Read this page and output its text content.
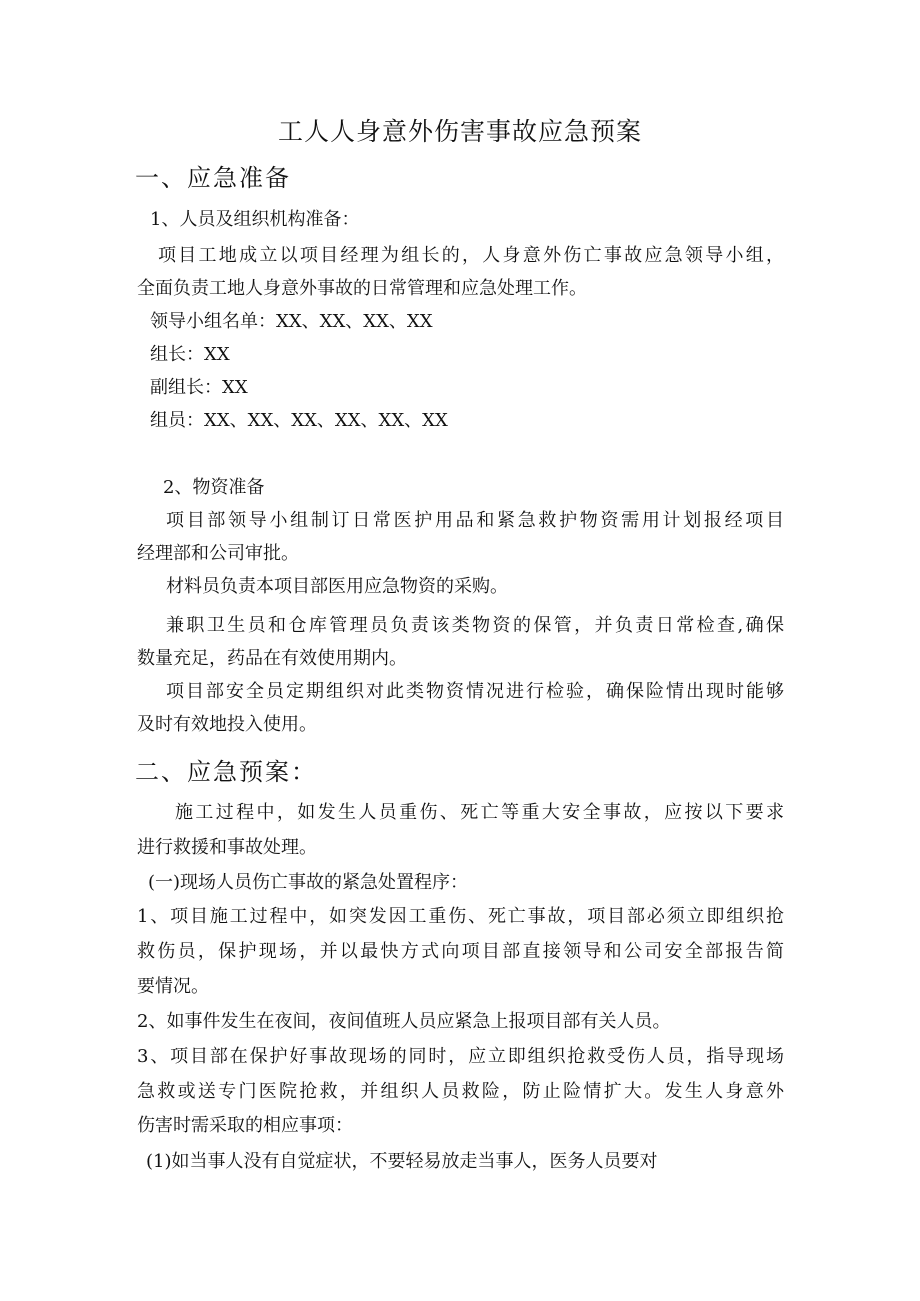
工人人身意外伤害事故应急预案
一、应急准备
1、人员及组织机构准备：
项目工地成立以项目经理为组长的，人身意外伤亡事故应急领导小组，
全面负责工地人身意外事故的日常管理和应急处理工作。
领导小组名单：XX、XX、XX、XX
组长：XX
副组长：XX
组员：XX、XX、XX、XX、XX、XX
2、物资准备
项目部领导小组制订日常医护用品和紧急救护物资需用计划报经项目
经理部和公司审批。
材料员负责本项目部医用应急物资的采购。
兼职卫生员和仓库管理员负责该类物资的保管，并负责日常检查,确保
数量充足，药品在有效使用期内。
项目部安全员定期组织对此类物资情况进行检验，确保险情出现时能够
及时有效地投入使用。
二、应急预案：
施工过程中，如发生人员重伤、死亡等重大安全事故，应按以下要求
进行救援和事故处理。
(一)现场人员伤亡事故的紧急处置程序：
1、项目施工过程中，如突发因工重伤、死亡事故，项目部必须立即组织抢
救伤员，保护现场，并以最快方式向项目部直接领导和公司安全部报告简
要情况。
2、如事件发生在夜间，夜间值班人员应紧急上报项目部有关人员。
3、项目部在保护好事故现场的同时，应立即组织抢救受伤人员，指导现场
急救或送专门医院抢救，并组织人员救险，防止险情扩大。发生人身意外
伤害时需采取的相应事项：
(1)如当事人没有自觉症状，不要轻易放走当事人，医务人员要对
